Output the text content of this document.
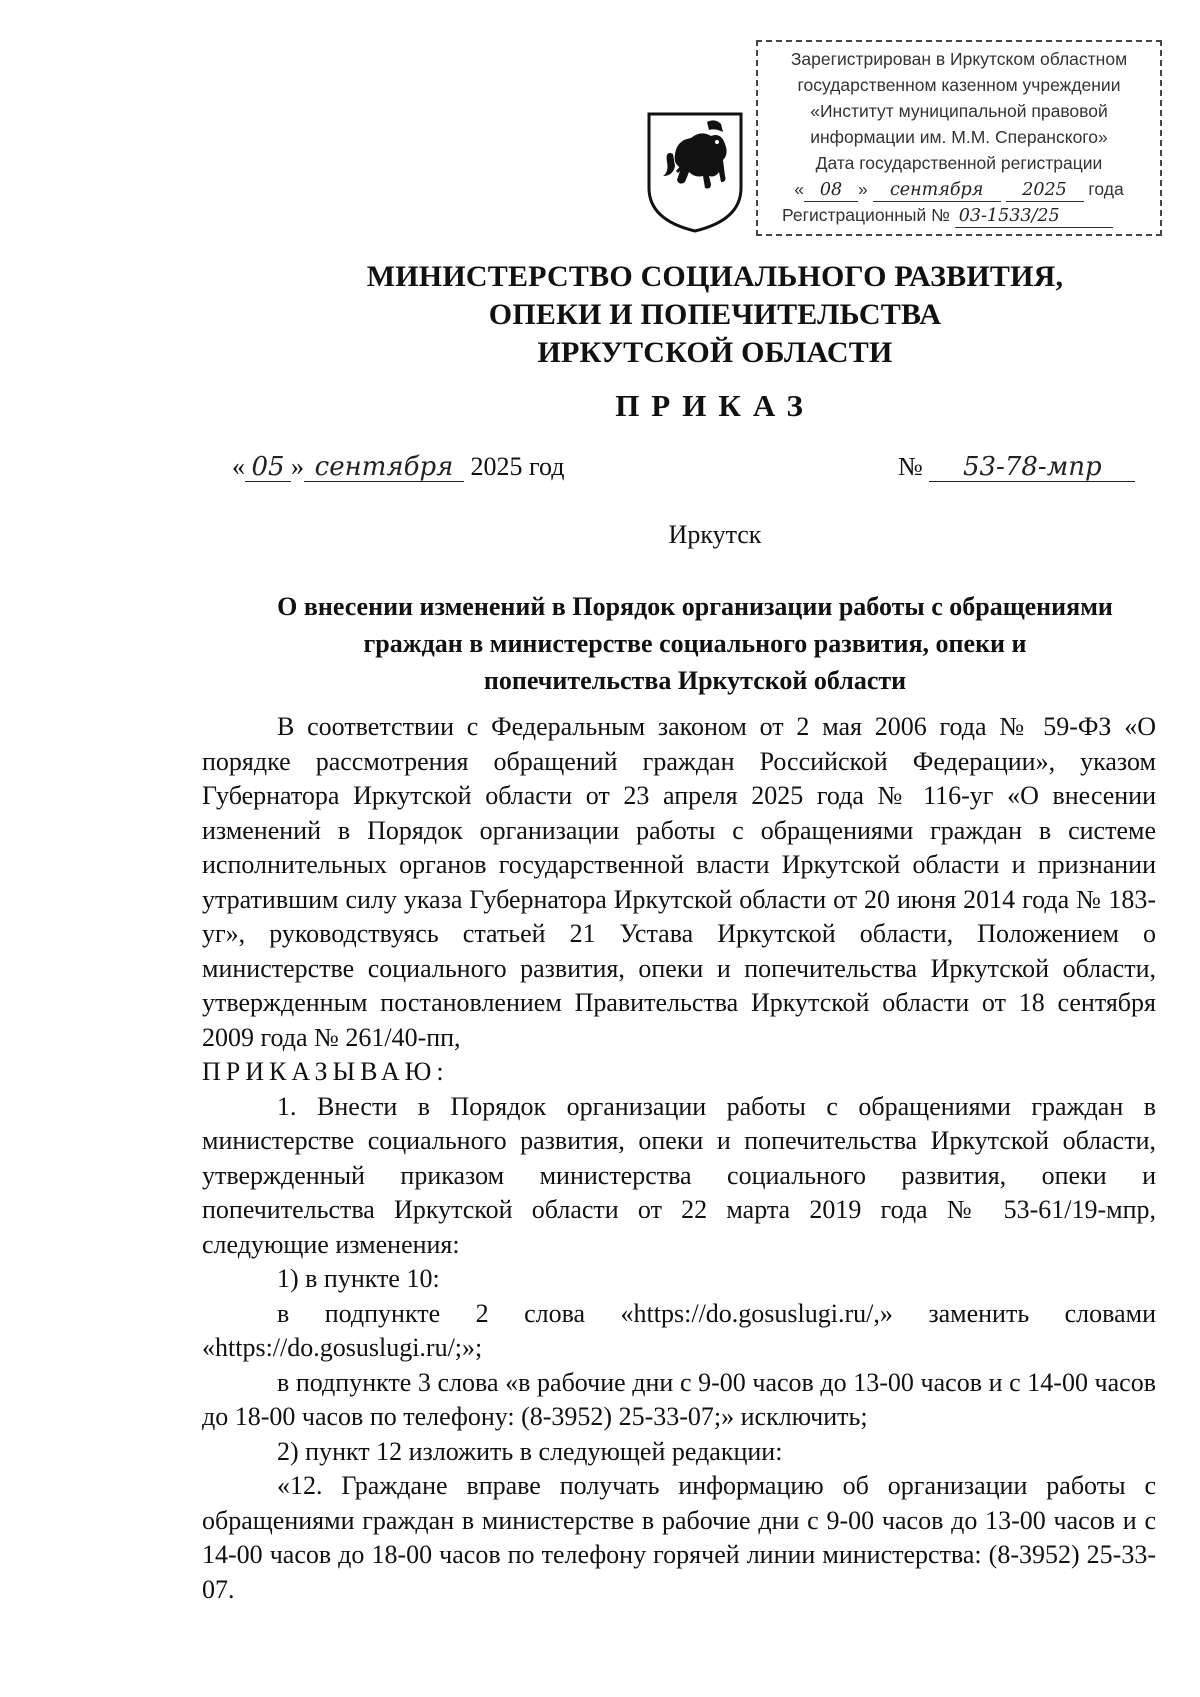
Зарегистрирован в Иркутском областном
государственном казенном учреждении
«Институт муниципальной правовой
информации им. М.М. Сперанского»
Дата государственной регистрации
« 08 » сентября 2025 года
Регистрационный № 03-1533/25
МИНИСТЕРСТВО СОЦИАЛЬНОГО РАЗВИТИЯ,
ОПЕКИ И ПОПЕЧИТЕЛЬСТВА
ИРКУТСКОЙ ОБЛАСТИ
ПРИКАЗ
« 05 » сентября 2025 год	№ 53-78-мпр
Иркутск
О внесении изменений в Порядок организации работы с обращениями
граждан в министерстве социального развития, опеки и
попечительства Иркутской области

В соответствии с Федеральным законом от 2 мая 2006 года № 59-ФЗ «О порядке рассмотрения обращений граждан Российской Федерации», указом Губернатора Иркутской области от 23 апреля 2025 года № 116-уг «О внесении изменений в Порядок организации работы с обращениями граждан в системе исполнительных органов государственной власти Иркутской области и признании утратившим силу указа Губернатора Иркутской области от 20 июня 2014 года № 183-уг», руководствуясь статьей 21 Устава Иркутской области, Положением о министерстве социального развития, опеки и попечительства Иркутской области, утвержденным постановлением Правительства Иркутской области от 18 сентября 2009 года № 261/40-пп,

ПРИКАЗЫВАЮ:

1. Внести в Порядок организации работы с обращениями граждан в министерстве социального развития, опеки и попечительства Иркутской области, утвержденный приказом министерства социального развития, опеки и попечительства Иркутской области от 22 марта 2019 года № 53-61/19-мпр, следующие изменения:

1) в пункте 10:

в подпункте 2 слова «https://do.gosuslugi.ru/,» заменить словами «https://do.gosuslugi.ru/;»;

в подпункте 3 слова «в рабочие дни с 9-00 часов до 13-00 часов и с 14-00 часов до 18-00 часов по телефону: (8-3952) 25-33-07;» исключить;

2) пункт 12 изложить в следующей редакции:

«12. Граждане вправе получать информацию об организации работы с обращениями граждан в министерстве в рабочие дни с 9-00 часов до 13-00 часов и с 14-00 часов до 18-00 часов по телефону горячей линии министерства: (8-3952) 25-33-07.
